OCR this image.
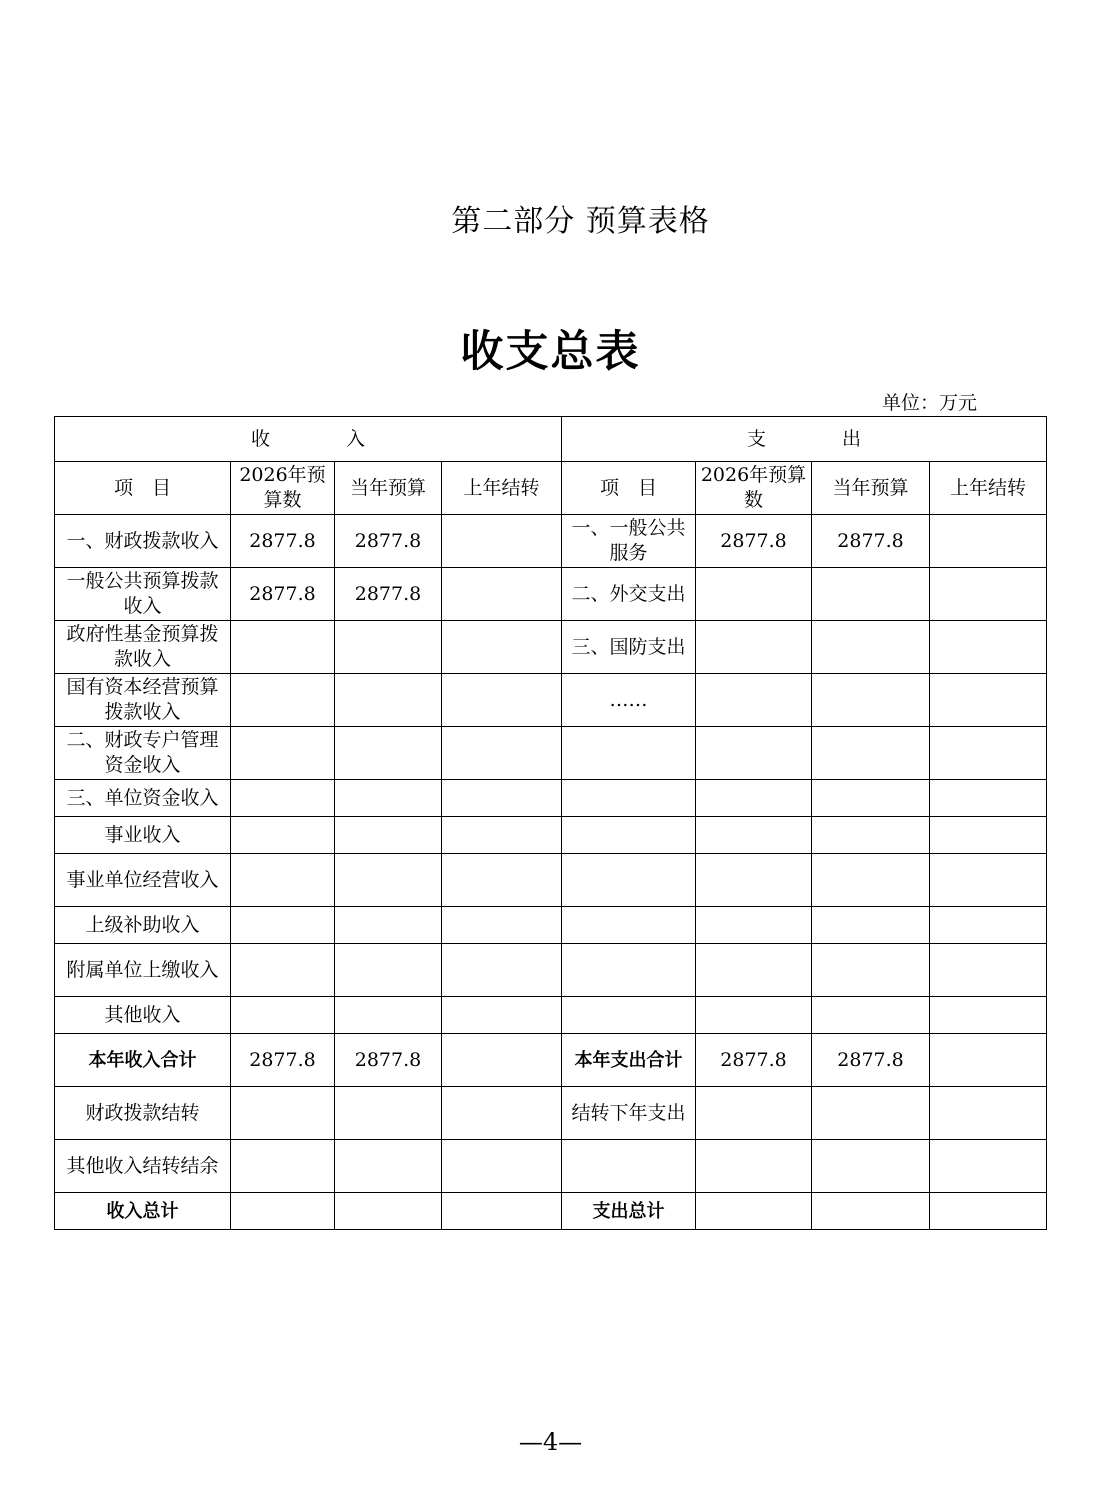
第二部分 预算表格
收支总表
单位：万元
收　　　　入				支　　　　出			
项　目	2026年预算数	当年预算	上年结转	项　目	2026年预算数	当年预算	上年结转
一、财政拨款收入	2877.8	2877.8		一、一般公共服务	2877.8	2877.8	
一般公共预算拨款收入	2877.8	2877.8		二、外交支出			
政府性基金预算拨款收入				三、国防支出			
国有资本经营预算拨款收入				……			
二、财政专户管理资金收入							
三、单位资金收入							
事业收入							
事业单位经营收入							
上级补助收入							
附属单位上缴收入							
其他收入							
本年收入合计	2877.8	2877.8		本年支出合计	2877.8	2877.8	
财政拨款结转				结转下年支出			
其他收入结转结余							
收入总计				支出总计			
—4—
